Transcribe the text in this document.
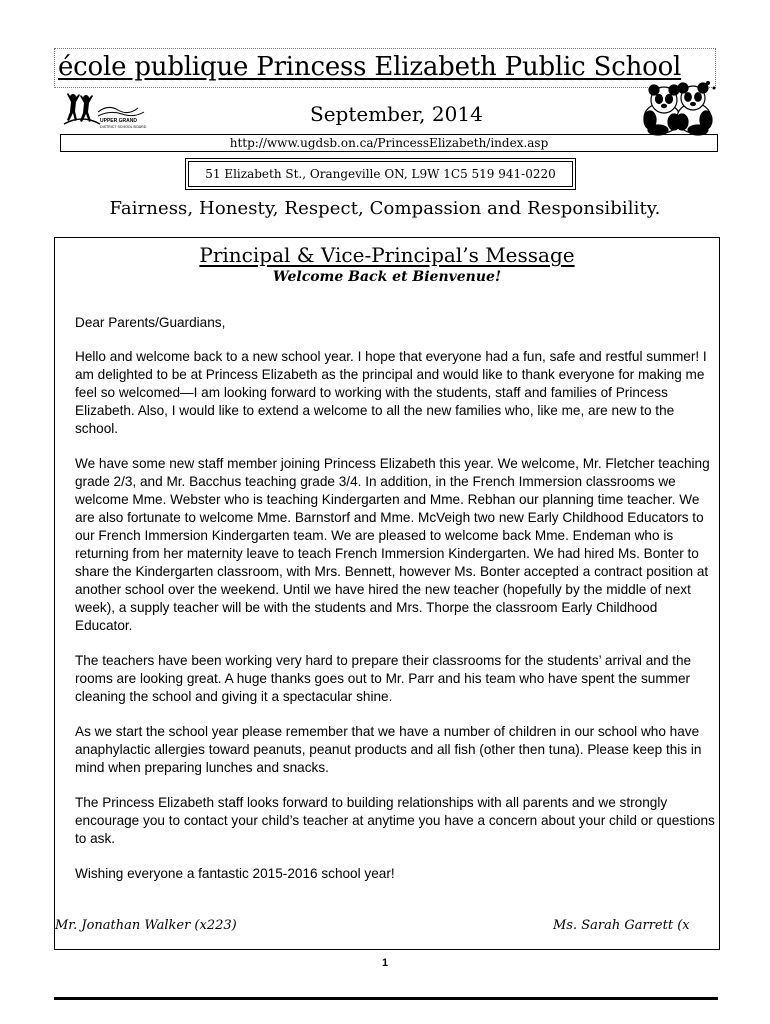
école publique Princess Elizabeth Public School
UPPER GRAND
DISTRICT SCHOOL BOARD
September, 2014
http://www.ugdsb.on.ca/PrincessElizabeth/index.asp
51 Elizabeth St., Orangeville ON, L9W 1C5 519 941-0220
Fairness, Honesty, Respect, Compassion and Responsibility.
Principal & Vice-Principal’s Message
Welcome Back et Bienvenue!

Dear Parents/Guardians,

Hello and welcome back to a new school year. I hope that everyone had a fun, safe and restful summer! I am delighted to be at Princess Elizabeth as the principal and would like to thank everyone for making me feel so welcomed—I am looking forward to working with the students, staff and families of Princess Elizabeth. Also, I would like to extend a welcome to all the new families who, like me, are new to the school.

We have some new staff member joining Princess Elizabeth this year. We welcome, Mr. Fletcher teaching grade 2/3, and Mr. Bacchus teaching grade 3/4. In addition, in the French Immersion classrooms we welcome Mme. Webster who is teaching Kindergarten and Mme. Rebhan our planning time teacher. We are also fortunate to welcome Mme. Barnstorf and Mme. McVeigh two new Early Childhood Educators to our French Immersion Kindergarten team. We are pleased to welcome back Mme. Endeman who is returning from her maternity leave to teach French Immersion Kindergarten. We had hired Ms. Bonter to share the Kindergarten classroom, with Mrs. Bennett, however Ms. Bonter accepted a contract position at another school over the weekend. Until we have hired the new teacher (hopefully by the middle of next week), a supply teacher will be with the students and Mrs. Thorpe the classroom Early Childhood Educator.

The teachers have been working very hard to prepare their classrooms for the students’ arrival and the rooms are looking great. A huge thanks goes out to Mr. Parr and his team who have spent the summer cleaning the school and giving it a spectacular shine.

As we start the school year please remember that we have a number of children in our school who have anaphylactic allergies toward peanuts, peanut products and all fish (other then tuna). Please keep this in mind when preparing lunches and snacks.

The Princess Elizabeth staff looks forward to building relationships with all parents and we strongly encourage you to contact your child’s teacher at anytime you have a concern about your child or questions to ask.

Wishing everyone a fantastic 2015-2016 school year!

Mr. Jonathan Walker (x223)	Ms. Sarah Garrett (x
1
